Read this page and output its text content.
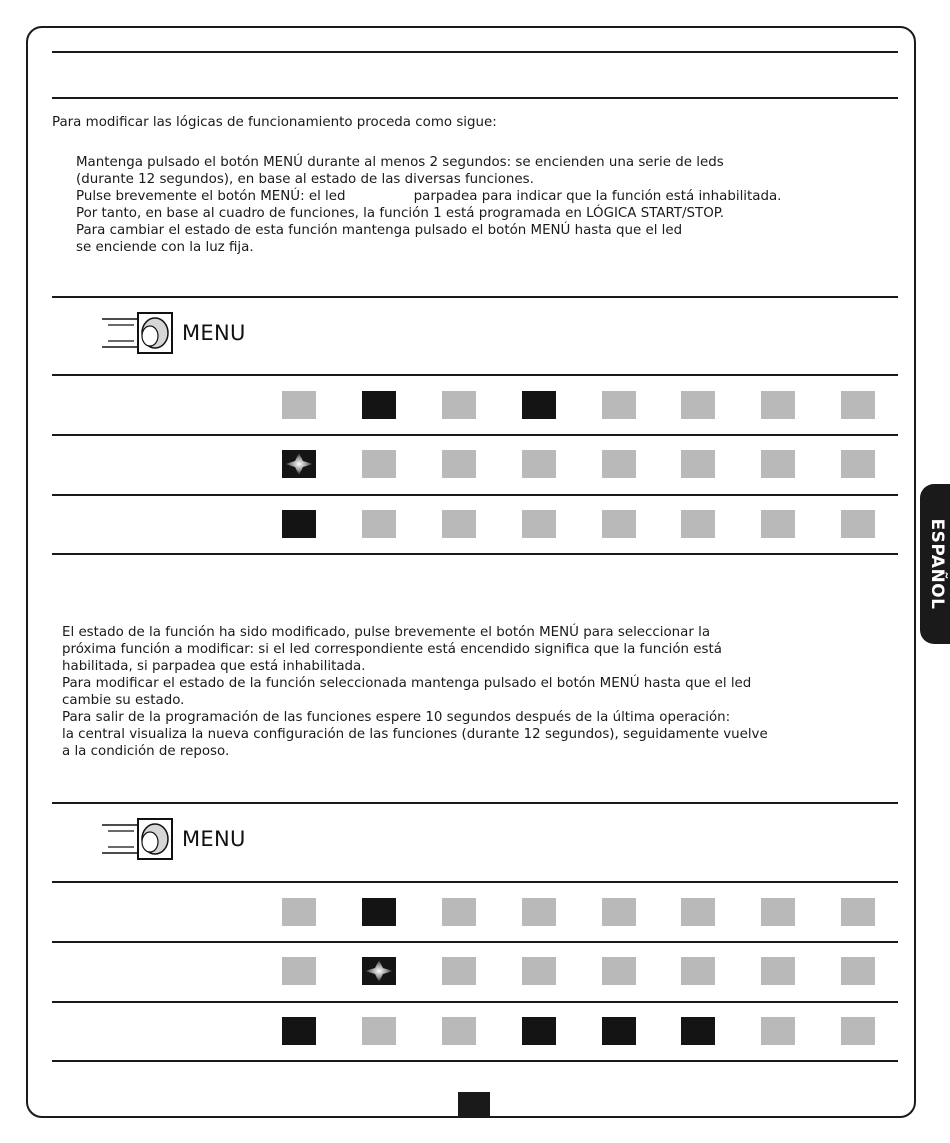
Para modificar las lógicas de funcionamiento proceda como sigue:
Mantenga pulsado el botón MENÚ durante al menos 2 segundos: se encienden una serie de leds
(durante 12 segundos), en base al estado de las diversas funciones.
Pulse brevemente el botón MENÚ: el led                parpadea para indicar que la función está inhabilitada.
Por tanto, en base al cuadro de funciones, la función 1 está programada en LÓGICA START/STOP.
Para cambiar el estado de esta función mantenga pulsado el botón MENÚ hasta que el led
se enciende con la luz fija.
MENU
El estado de la función ha sido modificado, pulse brevemente el botón MENÚ para seleccionar la
próxima función a modificar: si el led correspondiente está encendido significa que la función está
habilitada, si parpadea que está inhabilitada.
Para modificar el estado de la función seleccionada mantenga pulsado el botón MENÚ hasta que el led
cambie su estado.
Para salir de la programación de las funciones espere 10 segundos después de la última operación:
la central visualiza la nueva configuración de las funciones (durante 12 segundos), seguidamente vuelve
a la condición de reposo.
MENU
ESPAÑOL
